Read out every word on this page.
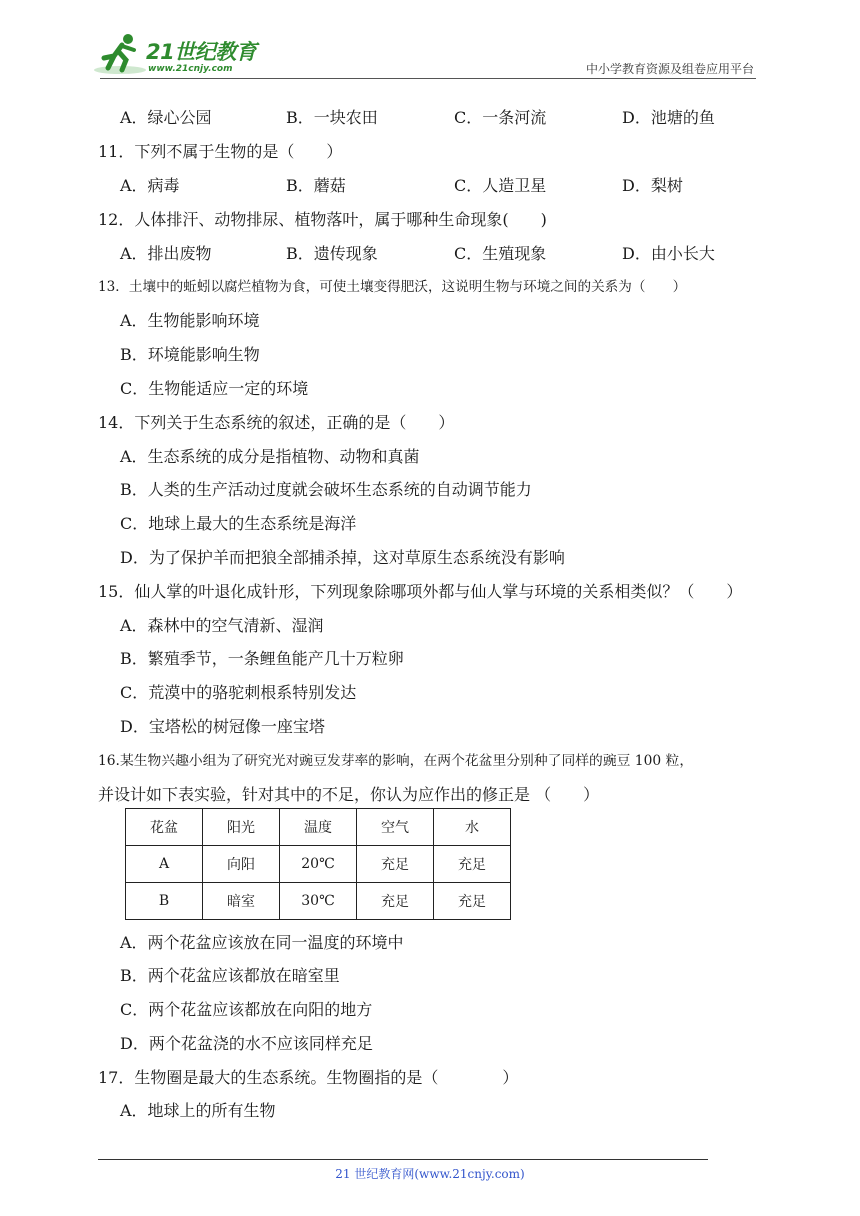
21世纪教育
www.21cnjy.com	中小学教育资源及组卷应用平台
A．绿心公园	B．一块农田	C．一条河流	D．池塘的鱼
11．下列不属于生物的是（　　）
A．病毒	B．蘑菇	C．人造卫星	D．梨树
12．人体排汗、动物排尿、植物落叶，属于哪种生命现象(　　)
A．排出废物	B．遗传现象	C．生殖现象	D．由小长大
13．土壤中的蚯蚓以腐烂植物为食，可使土壤变得肥沃，这说明生物与环境之间的关系为（　　）
A．生物能影响环境
B．环境能影响生物
C．生物能适应一定的环境
14．下列关于生态系统的叙述，正确的是（　　）
A．生态系统的成分是指植物、动物和真菌
B．人类的生产活动过度就会破坏生态系统的自动调节能力
C．地球上最大的生态系统是海洋
D．为了保护羊而把狼全部捕杀掉，这对草原生态系统没有影响
15．仙人掌的叶退化成针形，下列现象除哪项外都与仙人掌与环境的关系相类似？（　　）
A．森林中的空气清新、湿润
B．繁殖季节，一条鲤鱼能产几十万粒卵
C．荒漠中的骆驼刺根系特别发达
D．宝塔松的树冠像一座宝塔
16.某生物兴趣小组为了研究光对豌豆发芽率的影响，在两个花盆里分别种了同样的豌豆 100 粒，
并设计如下表实验，针对其中的不足，你认为应作出的修正是 （　　）
花盆	阳光	温度	空气	水
A	向阳	20℃	充足	充足
B	暗室	30℃	充足	充足
A．两个花盆应该放在同一温度的环境中
B．两个花盆应该都放在暗室里
C．两个花盆应该都放在向阳的地方
D．两个花盆浇的水不应该同样充足
17．生物圈是最大的生态系统。生物圈指的是（　　　　）
A．地球上的所有生物
21 世纪教育网(www.21cnjy.com)
